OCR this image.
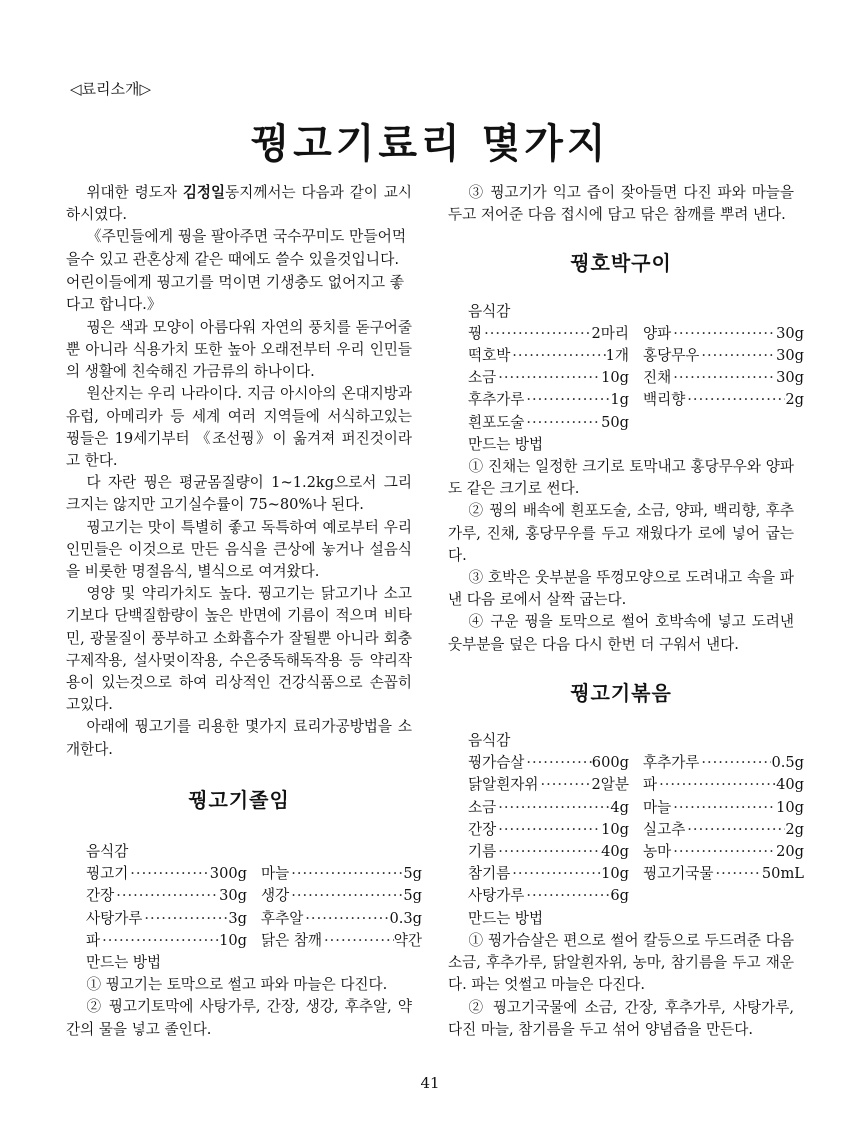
◁료리소개▷
꿩고기료리 몇가지

위대한 령도자 김정일동지께서는 다음과 같이 교시하시였다.

《주민들에게 꿩을 팔아주면 국수꾸미도 만들어먹을수 있고 관혼상제 같은 때에도 쓸수 있을것입니다. 어린이들에게 꿩고기를 먹이면 기생충도 없어지고 좋다고 합니다.》

꿩은 색과 모양이 아름다워 자연의 풍치를 돋구어줄뿐 아니라 식용가치 또한 높아 오래전부터 우리 인민들의 생활에 친숙해진 가금류의 하나이다.

원산지는 우리 나라이다. 지금 아시아의 온대지방과 유럽, 아메리카 등 세계 여러 지역들에 서식하고있는 꿩들은 19세기부터 《조선꿩》이 옮겨져 퍼진것이라고 한다.

다 자란 꿩은 평균몸질량이 1~1.2kg으로서 그리 크지는 않지만 고기실수률이 75~80%나 된다.

꿩고기는 맛이 특별히 좋고 독특하여 예로부터 우리 인민들은 이것으로 만든 음식을 큰상에 놓거나 설음식을 비롯한 명절음식, 별식으로 여겨왔다.

영양 및 약리가치도 높다. 꿩고기는 닭고기나 소고기보다 단백질함량이 높은 반면에 기름이 적으며 비타민, 광물질이 풍부하고 소화흡수가 잘될뿐 아니라 회충구제작용, 설사멎이작용, 수은중독해독작용 등 약리작용이 있는것으로 하여 리상적인 건강식품으로 손꼽히고있다.

아래에 꿩고기를 리용한 몇가지 료리가공방법을 소개한다.

꿩고기졸임
음식감
꿩고기 ·····	300g 마늘 ·····	5g
간장 ·····	30g 생강 ·····	5g
사탕가루 ·····	3g 후추알 ·····	0.3g
파 ·····	10g 닭은 참깨 ·····	약간
만드는 방법

① 꿩고기는 토막으로 썰고 파와 마늘은 다진다.

② 꿩고기토막에 사탕가루, 간장, 생강, 후추알, 약간의 물을 넣고 졸인다.

③ 꿩고기가 익고 즙이 잦아들면 다진 파와 마늘을 두고 저어준 다음 접시에 담고 닦은 참깨를 뿌려 낸다.

꿩호박구이
음식감
꿩 ·····	2마리 양파 ·····	30g
떡호박 ·····	1개 홍당무우 ·····	30g
소금 ·····	10g 진채 ·····	30g
후추가루 ·····	1g 백리향 ·····	2g
흰포도술 ·····	50g
만드는 방법

① 진채는 일정한 크기로 토막내고 홍당무우와 양파도 같은 크기로 썬다.

② 꿩의 배속에 흰포도술, 소금, 양파, 백리향, 후추가루, 진채, 홍당무우를 두고 재웠다가 로에 넣어 굽는다.

③ 호박은 웃부분을 뚜껑모양으로 도려내고 속을 파낸 다음 로에서 살짝 굽는다.

④ 구운 꿩을 토막으로 썰어 호박속에 넣고 도려낸 웃부분을 덮은 다음 다시 한번 더 구워서 낸다.

꿩고기볶음
음식감
꿩가슴살 ·····	600g 후추가루 ·····	0.5g
닭알흰자위 ·····	2알분 파 ·····	40g
소금 ·····	4g 마늘 ·····	10g
간장 ·····	10g 실고추 ·····	2g
기름 ·····	40g 농마 ·····	20g
참기름 ·····	10g 꿩고기국물 ·····	50mL
사탕가루 ·····	6g
만드는 방법

① 꿩가슴살은 편으로 썰어 칼등으로 두드려준 다음 소금, 후추가루, 닭알흰자위, 농마, 참기름을 두고 재운다. 파는 엇썰고 마늘은 다진다.

② 꿩고기국물에 소금, 간장, 후추가루, 사탕가루, 다진 마늘, 참기름을 두고 섞어 양념즙을 만든다.

41
